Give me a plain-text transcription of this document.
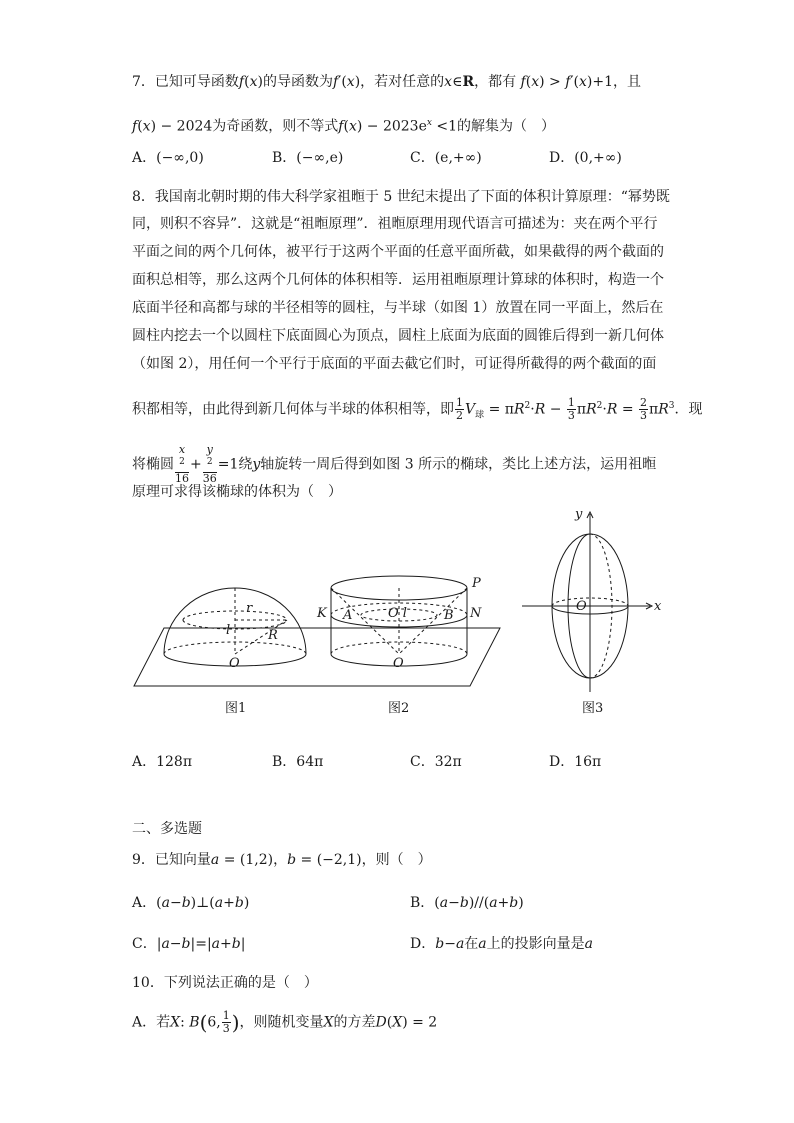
7．已知可导函数f(x)的导函数为f′(x)，若对任意的x∈R，都有 f(x) > f′(x)+1，且
f(x) − 2024为奇函数，则不等式$f(x) - 2023e^x <1$的解集为（　）
A．(−∞,0)	B．(−∞,e)	C．(e,+∞)	D．(0,+∞)
8．我国南北朝时期的伟大科学家祖暅于 5 世纪末提出了下面的体积计算原理：“幂势既
同，则积不容异”．这就是“祖暅原理”．祖暅原理用现代语言可描述为：夹在两个平行
平面之间的两个几何体，被平行于这两个平面的任意平面所截，如果截得的两个截面的
面积总相等，那么这两个几何体的体积相等．运用祖暅原理计算球的体积时，构造一个
底面半径和高都与球的半径相等的圆柱，与半球（如图 1）放置在同一平面上，然后在
圆柱内挖去一个以圆柱下底面圆心为顶点，圆柱上底面为底面的圆锥后得到一新几何体
（如图 2），用任何一个平行于底面的平面去截它们时，可证得所截得的两个截面的面
积都相等，由此得到新几何体与半球的体积相等，即 $\frac{1}{2} V_球 = \pi R^2\cdot R - \frac{1}{3} \pi R^2\cdot R = \frac{2}{3} \pi R^3$．现
将椭圆 x
$^2$
16 + y
$^2$
36 =1绕y轴旋转一周后得到如图 3 所示的椭球，类比上述方法，运用祖暅
原理可求得该椭球的体积为（　）
r
l	R
O
K A	O l	B N
P
O
O	x
y
图1	图2	图3
A．128π	B．64π	C．32π	D．16π
二、多选题
9．已知向量a = (1,2)，b = (−2,1)，则（　）
A．(a−b)⊥(a+b)	B．(a−b)//(a+b)
C．|a−b|=|a+b|	D．b−a在a上的投影向量是a
10．下列说法正确的是（　）
A．若X: B(6, $\frac{1}{3}$ )，则随机变量X的方差D(X) = 2
